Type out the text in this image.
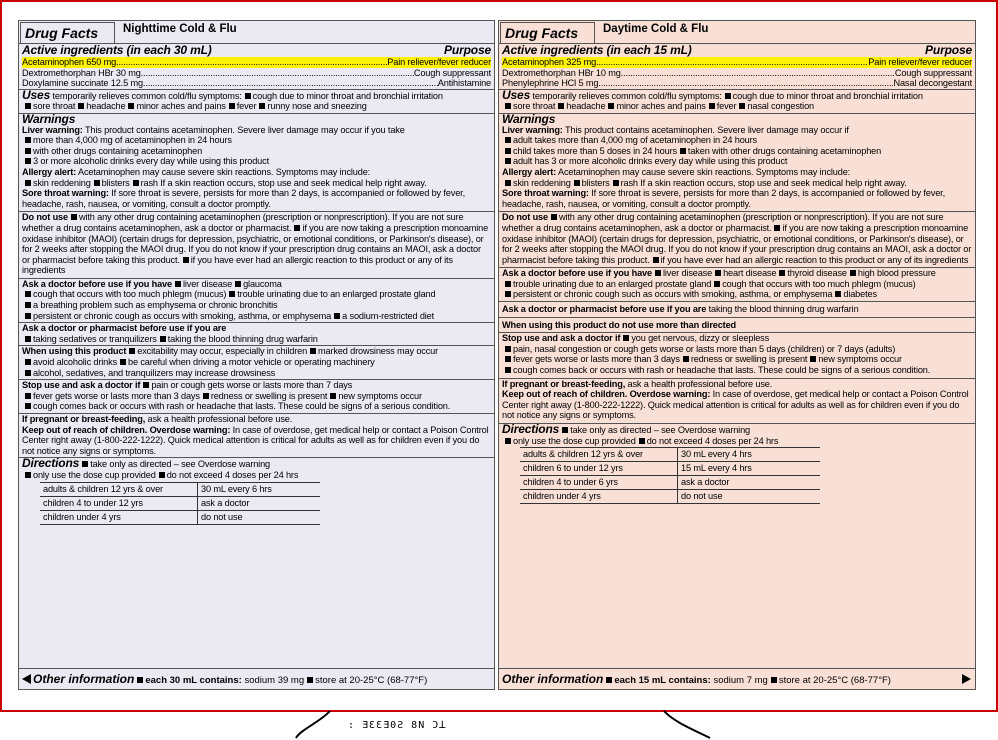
Drug Facts	Nighttime Cold & Flu
Active ingredients (in each 30 mL)	Purpose
Acetaminophen 650 mg .....	Pain reliever/fever reducer
Dextromethorphan HBr 30 mg .....	Cough suppressant
Doxylamine succinate 12.5 mg .....	Antihistamine

Uses temporarily relieves common cold/flu symptoms: cough due to minor throat and bronchial irritation

sore throat headache minor aches and pains fever runny nose and sneezing

Warnings

Liver warning: This product contains acetaminophen. Severe liver damage may occur if you take

more than 4,000 mg of acetaminophen in 24 hours

with other drugs containing acetaminophen

3 or more alcoholic drinks every day while using this product

Allergy alert: Acetaminophen may cause severe skin reactions. Symptoms may include:

skin reddening blisters rash If a skin reaction occurs, stop use and seek medical help right away.

Sore throat warning: If sore throat is severe, persists for more than 2 days, is accompanied or followed by fever, headache, rash, nausea, or vomiting, consult a doctor promptly.

Do not use with any other drug containing acetaminophen (prescription or nonprescription). If you are not sure whether a drug contains acetaminophen, ask a doctor or pharmacist. if you are now taking a prescription monoamine oxidase inhibitor (MAOI) (certain drugs for depression, psychiatric, or emotional conditions, or Parkinson's disease), or for 2 weeks after stopping the MAOI drug. If you do not know if your prescription drug contains an MAOI, ask a doctor or pharmacist before taking this product. if you have ever had an allergic reaction to this product or any of its ingredients

Ask a doctor before use if you have liver disease glaucoma

cough that occurs with too much phlegm (mucus) trouble urinating due to an enlarged prostate gland

a breathing problem such as emphysema or chronic bronchitis

persistent or chronic cough as occurs with smoking, asthma, or emphysema a sodium-restricted diet

Ask a doctor or pharmacist before use if you are

taking sedatives or tranquilizers taking the blood thinning drug warfarin

When using this product excitability may occur, especially in children marked drowsiness may occur

avoid alcoholic drinks be careful when driving a motor vehicle or operating machinery

alcohol, sedatives, and tranquilizers may increase drowsiness

Stop use and ask a doctor if pain or cough gets worse or lasts more than 7 days

fever gets worse or lasts more than 3 days redness or swelling is present new symptoms occur

cough comes back or occurs with rash or headache that lasts. These could be signs of a serious condition.

If pregnant or breast-feeding, ask a health professional before use.

Keep out of reach of children. Overdose warning: In case of overdose, get medical help or contact a Poison Control Center right away (1-800-222-1222). Quick medical attention is critical for adults as well as for children even if you do not notice any signs or symptoms.

Directions take only as directed – see Overdose warning

only use the dose cup provided do not exceed 4 doses per 24 hrs

adults & children 12 yrs & over	30 mL every 6 hrs
children 4 to under 12 yrs	ask a doctor
children under 4 yrs	do not use
Other information each 30 mL contains: sodium 39 mg store at 20-25°C (68-77°F)
Drug Facts	Daytime Cold & Flu
Active ingredients (in each 15 mL)	Purpose
Acetaminophen 325 mg .....	Pain reliever/fever reducer
Dextromethorphan HBr 10 mg .....	Cough suppressant
Phenylephrine HCl 5 mg .....	Nasal decongestant

Uses temporarily relieves common cold/flu symptoms: cough due to minor throat and bronchial irritation

sore throat headache minor aches and pains fever nasal congestion

Warnings

Liver warning: This product contains acetaminophen. Severe liver damage may occur if

adult takes more than 4,000 mg of acetaminophen in 24 hours

child takes more than 5 doses in 24 hours taken with other drugs containing acetaminophen

adult has 3 or more alcoholic drinks every day while using this product

Allergy alert: Acetaminophen may cause severe skin reactions. Symptoms may include:

skin reddening blisters rash If a skin reaction occurs, stop use and seek medical help right away.

Sore throat warning: If sore throat is severe, persists for more than 2 days, is accompanied or followed by fever, headache, rash, nausea, or vomiting, consult a doctor promptly.

Do not use with any other drug containing acetaminophen (prescription or nonprescription). If you are not sure whether a drug contains acetaminophen, ask a doctor or pharmacist. if you are now taking a prescription monoamine oxidase inhibitor (MAOI) (certain drugs for depression, psychiatric, or emotional conditions, or Parkinson's disease), or for 2 weeks after stopping the MAOI drug. If you do not know if your prescription drug contains an MAOI, ask a doctor or pharmacist before taking this product. if you have ever had an allergic reaction to this product or any of its ingredients

Ask a doctor before use if you have liver disease heart disease thyroid disease high blood pressure

trouble urinating due to an enlarged prostate gland cough that occurs with too much phlegm (mucus)

persistent or chronic cough such as occurs with smoking, asthma, or emphysema diabetes

Ask a doctor or pharmacist before use if you are taking the blood thinning drug warfarin

When using this product do not use more than directed

Stop use and ask a doctor if you get nervous, dizzy or sleepless

pain, nasal congestion or cough gets worse or lasts more than 5 days (children) or 7 days (adults)

fever gets worse or lasts more than 3 days redness or swelling is present new symptoms occur

cough comes back or occurs with rash or headache that lasts. These could be signs of a serious condition.

If pregnant or breast-feeding, ask a health professional before use.

Keep out of reach of children. Overdose warning: In case of overdose, get medical help or contact a Poison Control Center right away (1-800-222-1222). Quick medical attention is critical for adults as well as for children even if you do not notice any signs or symptoms.

Directions take only as directed – see Overdose warning

only use the dose cup provided do not exceed 4 doses per 24 hrs

adults & children 12 yrs & over	30 mL every 4 hrs
children 6 to under 12 yrs	15 mL every 4 hrs
children 4 to under 6 yrs	ask a doctor
children under 4 yrs	do not use
Other information each 15 mL contains: sodium 7 mg store at 20-25°C (68-77°F)
: ƎƐƐƎ0Ƨ 8N Ɔꓕ
